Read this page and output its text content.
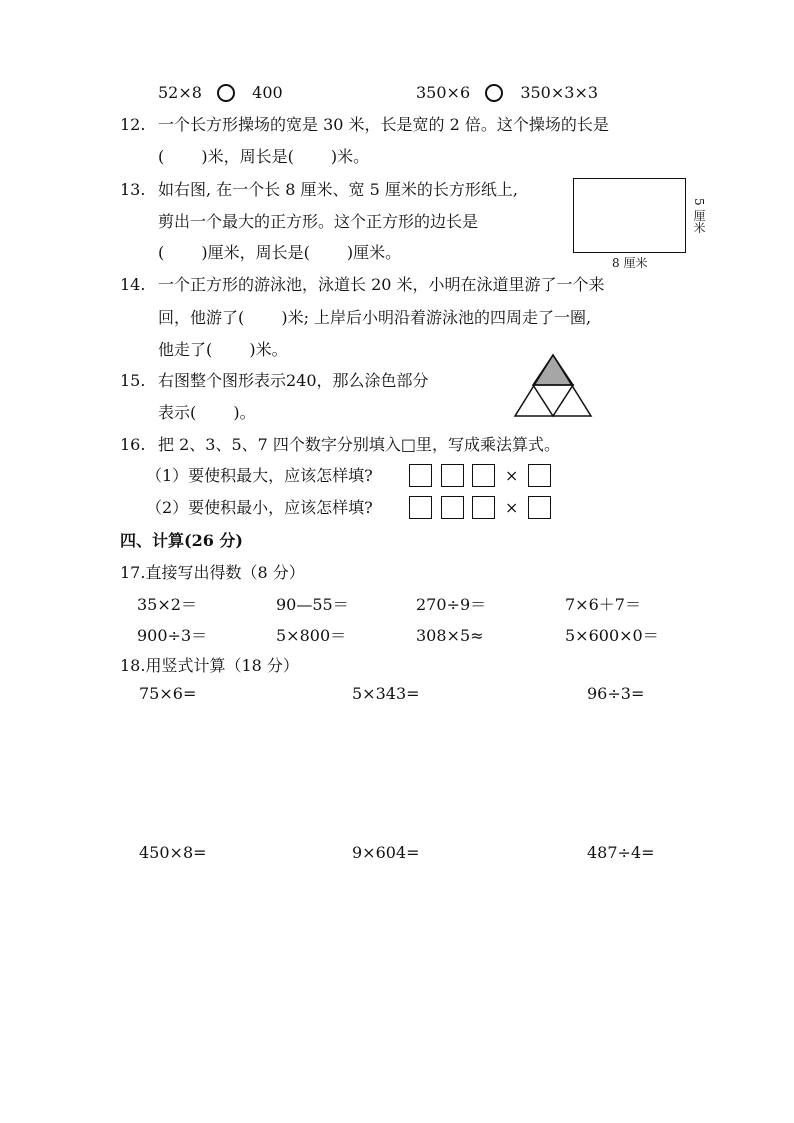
52×8	400	350×6	350×3×3
12. 一个长方形操场的宽是 30 米，长是宽的 2 倍。这个操场的长是
(　　 )米，周长是(　　 )米。
13. 如右图, 在一个长 8 厘米、宽 5 厘米的长方形纸上,
剪出一个最大的正方形。这个正方形的边长是
(　　 )厘米，周长是(　　 )厘米。
8 厘米
5 厘米
14. 一个正方形的游泳池，泳道长 20 米，小明在泳道里游了一个来
回，他游了(　　 )米; 上岸后小明沿着游泳池的四周走了一圈,
他走了(　　 )米。
15. 右图整个图形表示240，那么涂色部分
表示(　　 )。
16. 把 2、3、5、7 四个数字分别填入□里，写成乘法算式。
（1）要使积最大，应该怎样填?	×
（2）要使积最小，应该怎样填?	×
四、计算(26 分)
17.直接写出得数（8 分）
35×2＝	90—55＝	270÷9＝	7×6＋7＝
900÷3＝	5×800＝	308×5≈	5×600×0＝
18.用竖式计算（18 分）
75×6=	5×343=	96÷3=
450×8=	9×604=	487÷4=
